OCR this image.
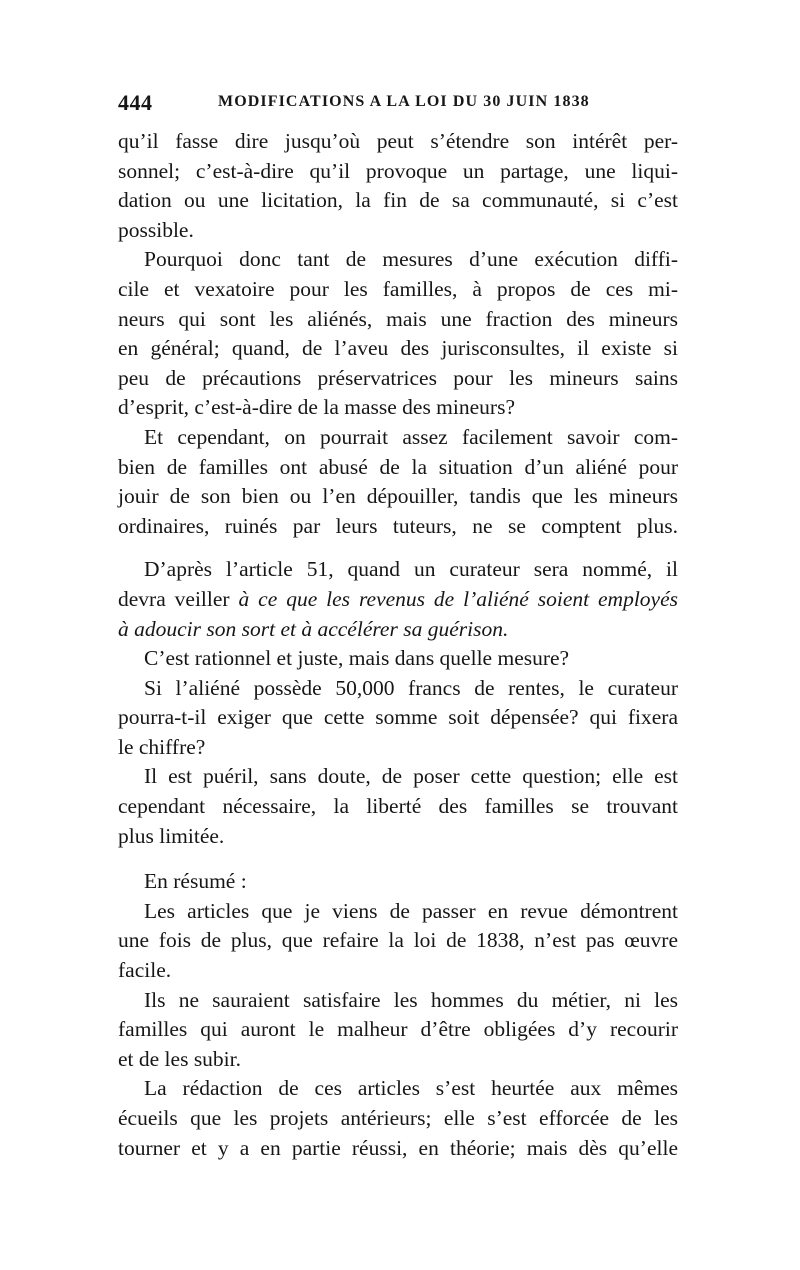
444	MODIFICATIONS A LA LOI DU 30 JUIN 1838
qu’il fasse dire jusqu’où peut s’étendre son intérêt per-
sonnel; c’est-à-dire qu’il provoque un partage, une liqui-
dation ou une licitation, la fin de sa communauté, si c’est
possible.
Pourquoi donc tant de mesures d’une exécution diffi-
cile et vexatoire pour les familles, à propos de ces mi-
neurs qui sont les aliénés, mais une fraction des mineurs
en général; quand, de l’aveu des jurisconsultes, il existe si
peu de précautions préservatrices pour les mineurs sains
d’esprit, c’est-à-dire de la masse des mineurs?
Et cependant, on pourrait assez facilement savoir com-
bien de familles ont abusé de la situation d’un aliéné pour
jouir de son bien ou l’en dépouiller, tandis que les mineurs
ordinaires, ruinés par leurs tuteurs, ne se comptent plus.
D’après l’article 51, quand un curateur sera nommé, il
devra veiller à ce que les revenus de l’aliéné soient employés
à adoucir son sort et à accélérer sa guérison.
C’est rationnel et juste, mais dans quelle mesure?
Si l’aliéné possède 50,000 francs de rentes, le curateur
pourra-t-il exiger que cette somme soit dépensée? qui fixera
le chiffre?
Il est puéril, sans doute, de poser cette question; elle est
cependant nécessaire, la liberté des familles se trouvant
plus limitée.
En résumé :
Les articles que je viens de passer en revue démontrent
une fois de plus, que refaire la loi de 1838, n’est pas œuvre
facile.
Ils ne sauraient satisfaire les hommes du métier, ni les
familles qui auront le malheur d’être obligées d’y recourir
et de les subir.
La rédaction de ces articles s’est heurtée aux mêmes
écueils que les projets antérieurs; elle s’est efforcée de les
tourner et y a en partie réussi, en théorie; mais dès qu’elle
